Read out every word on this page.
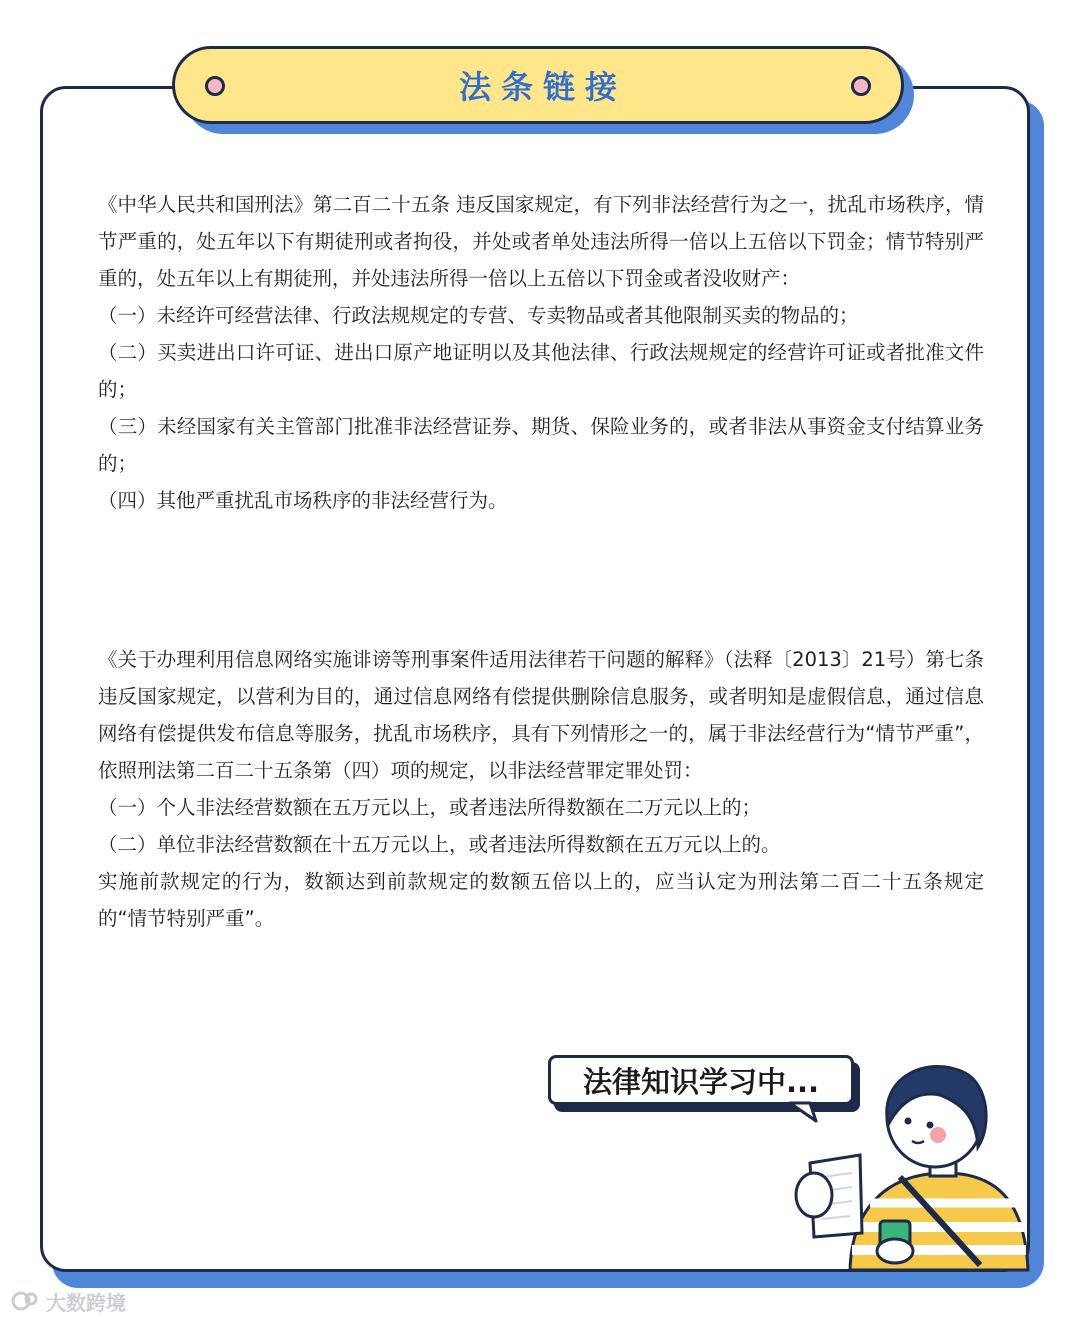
法条链接

《中华人民共和国刑法》第二百二十五条 违反国家规定，有下列非法经营行为之一，扰乱市场秩序，情节严重的，处五年以下有期徒刑或者拘役，并处或者单处违法所得一倍以上五倍以下罚金；情节特别严重的，处五年以上有期徒刑，并处违法所得一倍以上五倍以下罚金或者没收财产：

（一）未经许可经营法律、行政法规规定的专营、专卖物品或者其他限制买卖的物品的；

（二）买卖进出口许可证、进出口原产地证明以及其他法律、行政法规规定的经营许可证或者批准文件的；

（三）未经国家有关主管部门批准非法经营证券、期货、保险业务的，或者非法从事资金支付结算业务的；

（四）其他严重扰乱市场秩序的非法经营行为。

《关于办理利用信息网络实施诽谤等刑事案件适用法律若干问题的解释》（法释〔2013〕21号）第七条 违反国家规定，以营利为目的，通过信息网络有偿提供删除信息服务，或者明知是虚假信息，通过信息网络有偿提供发布信息等服务，扰乱市场秩序，具有下列情形之一的，属于非法经营行为“情节严重”，依照刑法第二百二十五条第（四）项的规定，以非法经营罪定罪处罚：

（一）个人非法经营数额在五万元以上，或者违法所得数额在二万元以上的；

（二）单位非法经营数额在十五万元以上，或者违法所得数额在五万元以上的。

实施前款规定的行为，数额达到前款规定的数额五倍以上的，应当认定为刑法第二百二十五条规定的“情节特别严重”。

法律知识学习中...
大数跨境
